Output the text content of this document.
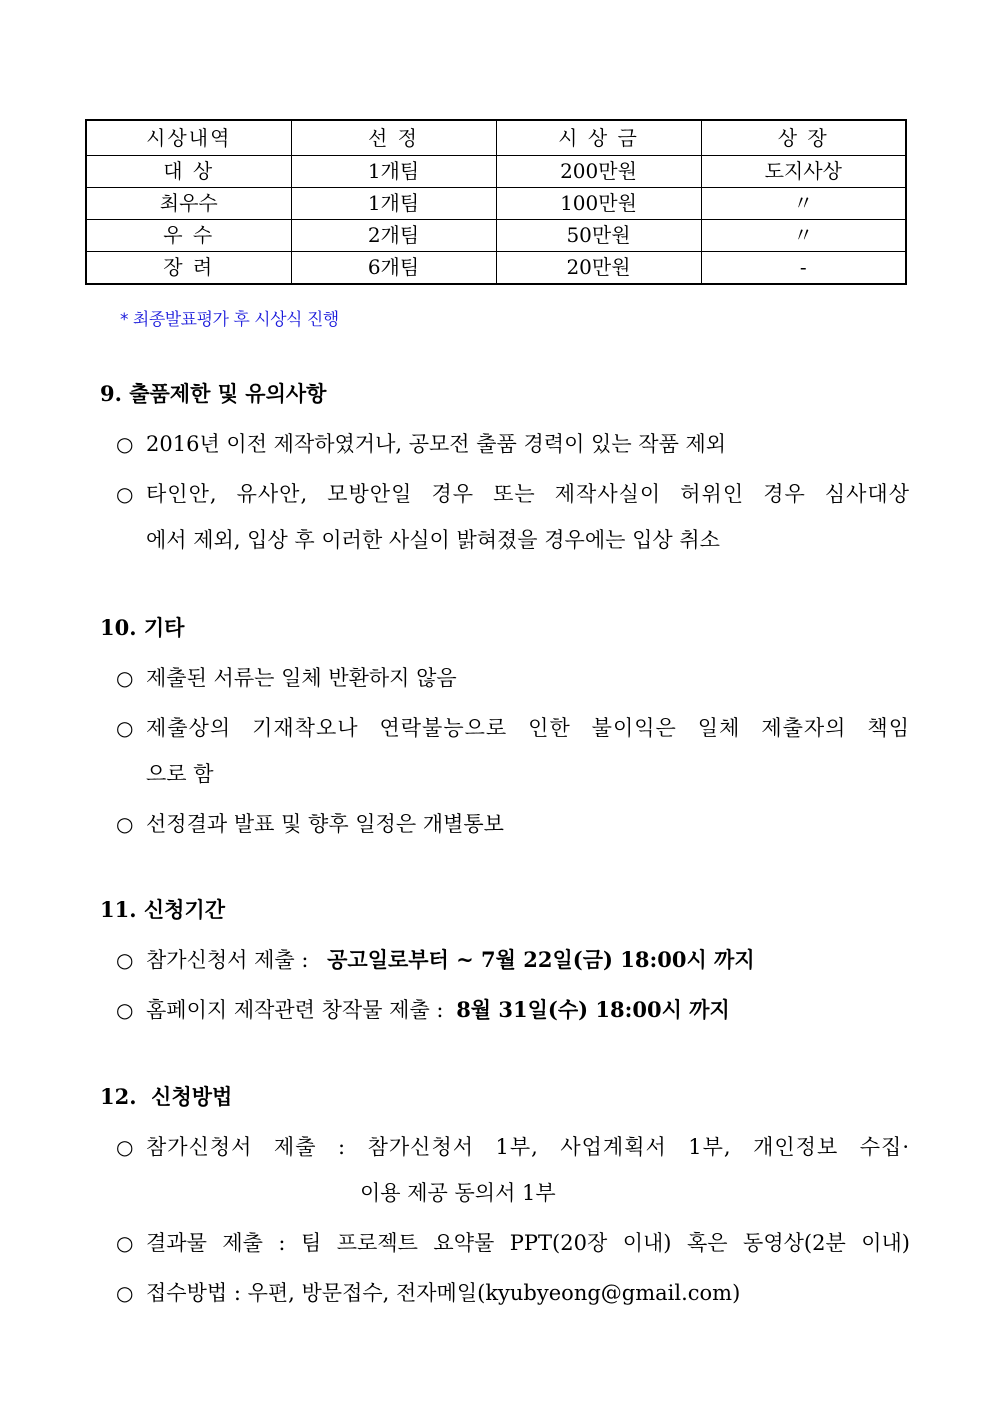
시상내역	선 정	시 상 금	상 장
대 상	1개팀	200만원	도지사상
최우수	1개팀	100만원	〃
우 수	2개팀	50만원	〃
장 려	6개팀	20만원	-
* 최종발표평가 후 시상식 진행
9. 출품제한 및 유의사항
○ 2016년 이전 제작하였거나, 공모전 출품 경력이 있는 작품 제외
○ 타인안, 유사안, 모방안일 경우 또는 제작사실이 허위인 경우 심사대상
에서 제외, 입상 후 이러한 사실이 밝혀졌을 경우에는 입상 취소
10. 기타
○ 제출된 서류는 일체 반환하지 않음
○ 제출상의 기재착오나 연락불능으로 인한 불이익은 일체 제출자의 책임
으로 함
○ 선정결과 발표 및 향후 일정은 개별통보
11. 신청기간
○ 참가신청서 제출 : 공고일로부터 ~ 7월 22일(금) 18:00시 까지
○ 홈페이지 제작관련 창작물 제출 : 8월 31일(수) 18:00시 까지
12.  신청방법
○ 참가신청서 제출 : 참가신청서 1부, 사업계획서 1부, 개인정보 수집·
이용 제공 동의서 1부
○ 결과물 제출 : 팀 프로젝트 요약물 PPT(20장 이내) 혹은 동영상(2분 이내)
○ 접수방법 : 우편, 방문접수, 전자메일(kyubyeong@gmail.com)
